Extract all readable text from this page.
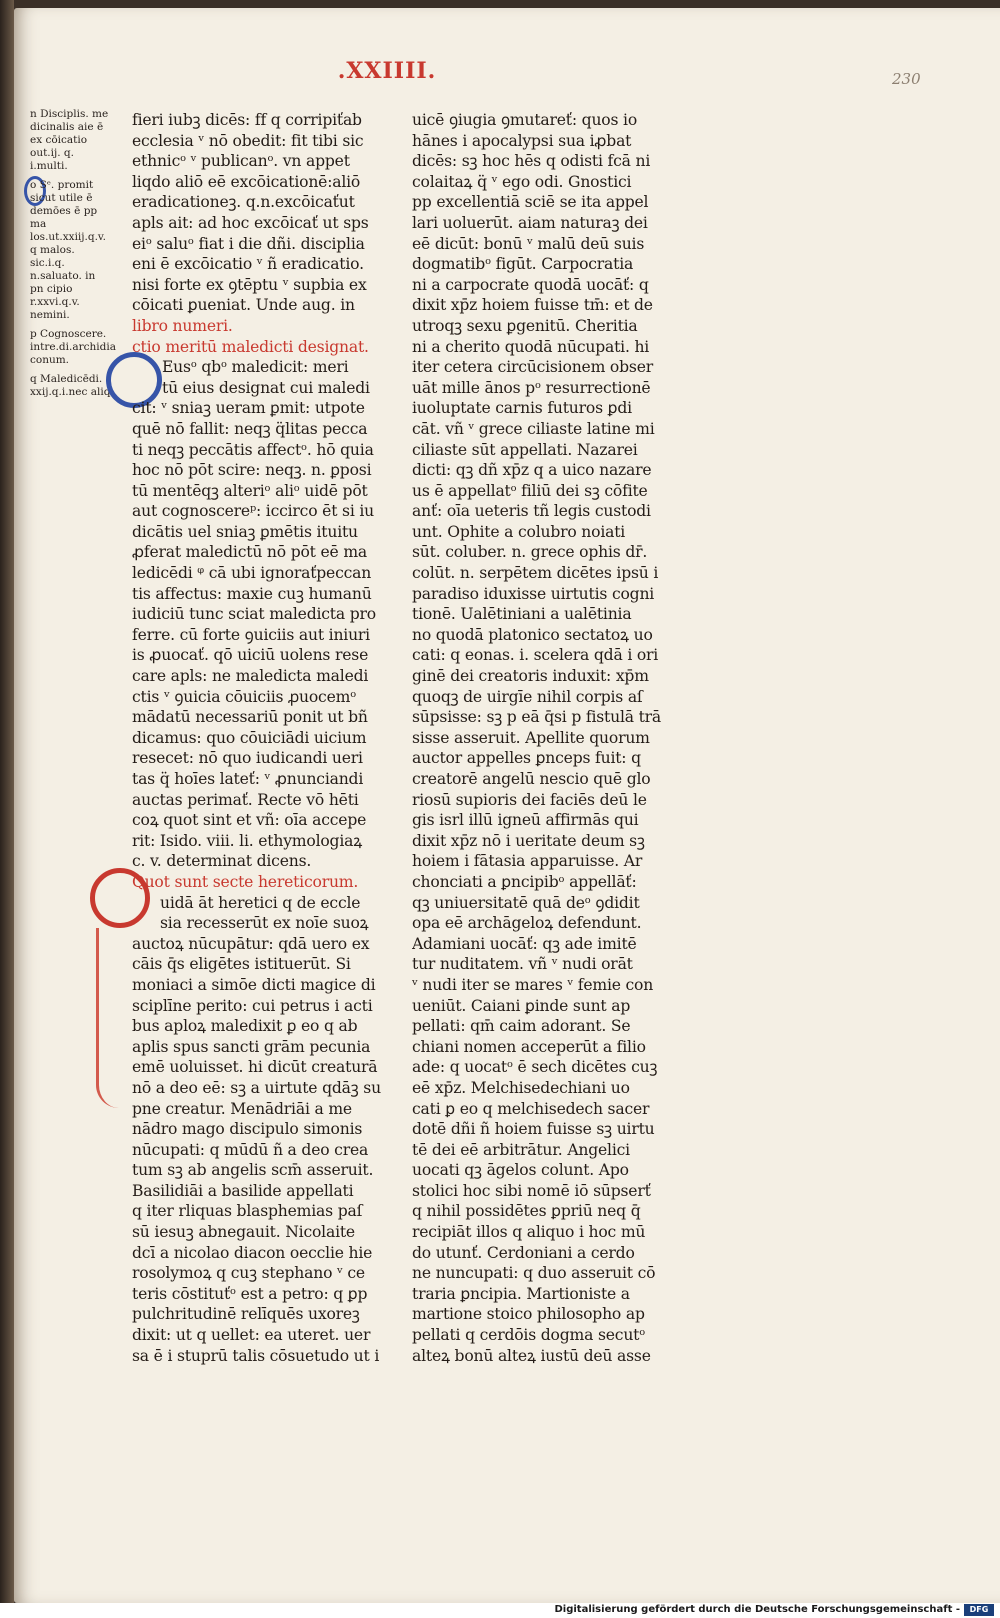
.XXIIII.	230
n Disciplis. me dicinalis aie ē ex cōicatio out.ij. q. i.multi.
o Sᵉ. promit sicut utile ē demōes ē pp ma los.ut.xxiij.q.v. q malos. sic.i.q. n.saluato. in pn cipio r.xxvi.q.v. nemini.
p Cognoscere. intre.di.archidia conum.
q Maledicēdi. xxij.q.i.nec aliq
fieri iubꝫ dicēs: ff q corripiťab
ecclesia ᵛ nō obedit: fit tibi sic
ethnicᵒ ᵛ publicanᵒ. vn appet
liqdo aliō eē excōicationē:aliō
eradicationeꝫ. q.n.excōicaťut
apls ait: ad hoc excōicať ut sps
eiᵒ saluᵒ fiat i die dñi. disciplia
eni ē excōicatio ᵛ ñ eradicatio.
nisi forte ex ꝯtēptu ᵛ supbia ex
cōicati ꝑueniat. Unde aug. in
libro numeri.
ctio meritū maledicti designat.
Eusᵒ qbᵒ maledicit: meri
tū eius designat cui maledi
cit: ᵛ sniaꝫ ueram ꝑmit: utpote
quē nō fallit: neqꝫ q̈litas pecca
ti neqꝫ peccātis affectᵒ. hō quia
hoc nō pōt scire: neqꝫ. n. ꝑposi
tū mentēqꝫ alteriᵒ aliᵒ uidē pōt
aut cognoscereᵖ: iccirco ēt si iu
dicātis uel sniaꝫ ꝑmētis ituitu
ꝓferat maledictū nō pōt eē ma
ledicēdi ᵠ cā ubi ignoraťpeccan
tis affectus: maxie cuꝫ humanū
iudiciū tunc sciat maledicta pro
ferre. cū forte ꝯuiciis aut iniuri
is ꝓuocať. qō uiciū uolens rese
care apls: ne maledicta maledi
ctis ᵛ ꝯuicia cōuiciis ꝓuocemᵒ
mādatū necessariū ponit ut bñ
dicamus: quo cōuiciādi uicium
resecet: nō quo iudicandi ueri
tas q̈ hoīes lateť: ᵛ ꝓnunciandi
auctas perimať. Recte vō hēti
coꝝ quot sint et vñ: oīa accepe
rit: Isido. viii. li. ethymologiaꝝ
c. v. determinat dicens.
Quot sunt secte hereticorum.
uidā āt heretici q de eccle
sia recesserūt ex noīe suoꝝ
auctoꝝ nūcupātur: qdā uero ex
cāis q̄s eligētes istituerūt. Si
moniaci a simōe dicti magice di
sciplīne perito: cui petrus i acti
bus aploꝝ maledixit ꝑ eo q ab
aplis spus sancti grām pecunia
emē uoluisset. hi dicūt creaturā
nō a deo eē: sꝫ a uirtute qdāꝫ su
pne creatur. Menādriāi a me
nādro mago discipulo simonis
nūcupati: q mūdū ñ a deo crea
tum sꝫ ab angelis scm̄ asseruit.
Basilidiāi a basilide appellati
q iter rliquas blasphemias paſ
sū iesuꝫ abnegauit. Nicolaite
dcī a nicolao diacon oecclie hie
rosolymoꝝ q cuꝫ stephano ᵛ ce
teris cōstituťᵒ est a petro: q ꝑp
pulchritudinē relīquēs uxoreꝫ
dixit: ut q uellet: ea uteret. uer
sa ē i stuprū talis cōsuetudo ut i
uicē ꝯiugia ꝯmutareť: quos io
hānes i apocalypsi sua iꝓbat
dicēs: sꝫ hoc hēs q odisti fcā ni
colaitaꝝ q̈ ᵛ ego odi. Gnostici
pp excellentiā sciē se ita appel
lari uoluerūt. aiam naturaꝫ dei
eē dicūt: bonū ᵛ malū deū suis
dogmatibᵒ figūt. Carpocratia
ni a carpocrate quodā uocāť: q
dixit xp̄z hoiem fuisse tm̄: et de
utroqꝫ sexu ꝑgenitū. Cheritia
ni a cherito quodā nūcupati. hi
iter cetera circūcisionem obser
uāt mille ānos pᵒ resurrectionē
iuoluptate carnis futuros ꝑdi
cāt. vñ ᵛ grece ciliaste latine mi
ciliaste sūt appellati. Nazarei
dicti: qꝫ dñ xp̄z q a uico nazare
us ē appellatᵒ filiū dei sꝫ cōfite
anť: oīa ueteris tñ legis custodi
unt. Ophite a colubro noiati
sūt. coluber. n. grece ophis dr̄.
colūt. n. serpētem dicētes ipsū i
paradiso iduxisse uirtutis cogni
tionē. Ualētiniani a ualētinia
no quodā platonico sectatoꝝ uo
cati: q eonas. i. scelera qdā i ori
ginē dei creatoris induxit: xp̄m
quoqꝫ de uirgīe nihil corpis aſ
sūpsisse: sꝫ p eā q̄si p fistulā trā
sisse asseruit. Apellite quorum
auctor appelles ꝑnceps fuit: q
creatorē angelū nescio quē glo
riosū supioris dei faciēs deū le
gis isrl illū igneū affirmās qui
dixit xp̄z nō i ueritate deum sꝫ
hoiem i fātasia apparuisse. Ar
chonciati a ꝑncipibᵒ appellāť:
qꝫ uniuersitatē quā deᵒ ꝯdidit
opa eē archāgeloꝝ defendunt.
Adamiani uocāť: qꝫ ade imitē
tur nuditatem. vñ ᵛ nudi orāt
ᵛ nudi iter se mares ᵛ femie con
ueniūt. Caiani ꝑinde sunt ap
pellati: qm̄ caim adorant. Se
chiani nomen acceperūt a filio
ade: q uocatᵒ ē sech dicētes cuꝫ
eē xp̄z. Melchisedechiani uo
cati ꝑ eo q melchisedech sacer
dotē dñi ñ hoiem fuisse sꝫ uirtu
tē dei eē arbitrātur. Angelici
uocati qꝫ āgelos colunt. Apo
stolici hoc sibi nomē iō sūpserť
q nihil possidētes ꝑpriū neq q̄
recipiāt illos q aliquo i hoc mū
do utunť. Cerdoniani a cerdo
ne nuncupati: q duo asseruit cō
traria ꝑncipia. Martioniste a
martione stoico philosopho ap
pellati q cerdōis dogma secutᵒ
alteꝝ bonū alteꝝ iustū deū asse
Digitalisierung gefördert durch die Deutsche Forschungsgemeinschaft -	DFG
